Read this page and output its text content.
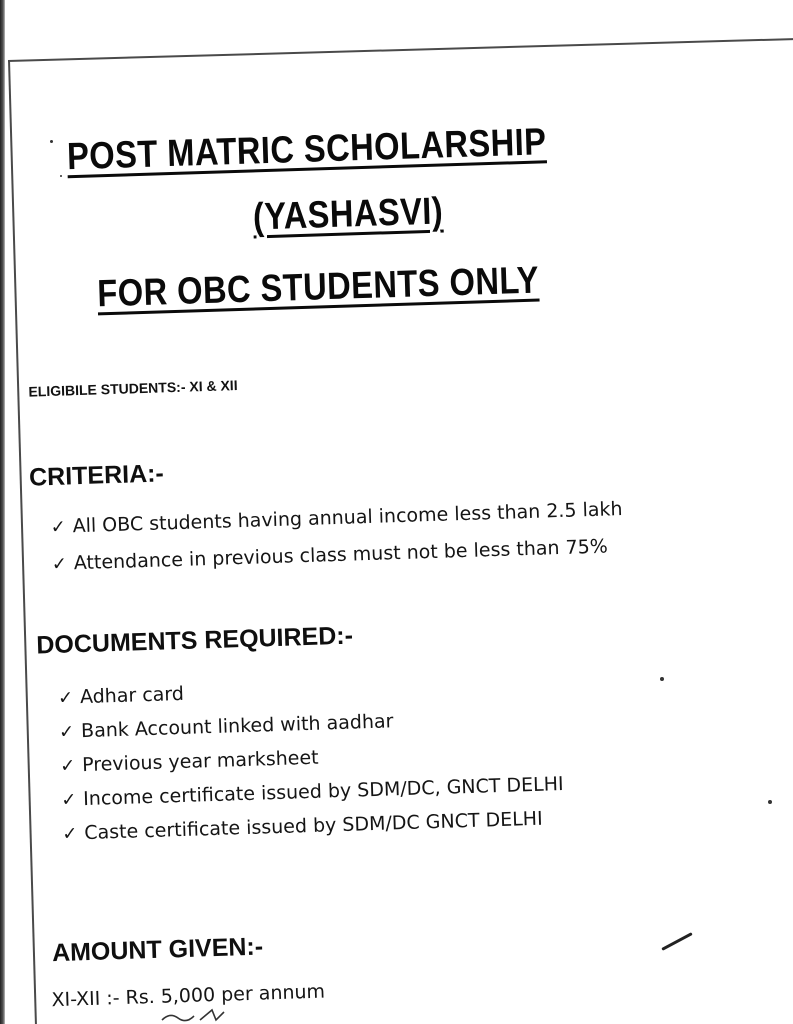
POST MATRIC SCHOLARSHIP
(YASHASVI)
FOR OBC STUDENTS ONLY
ELIGIBILE STUDENTS:- XI & XII
CRITERIA:-
✓ All OBC students having annual income less than 2.5 lakh
✓ Attendance in previous class must not be less than 75%
DOCUMENTS REQUIRED:-
✓ Adhar card
✓ Bank Account linked with aadhar
✓ Previous year marksheet
✓ Income certificate issued by SDM/DC, GNCT DELHI
✓ Caste certificate issued by SDM/DC GNCT DELHI
AMOUNT GIVEN:-
XI-XII :- Rs. 5,000 per annum
